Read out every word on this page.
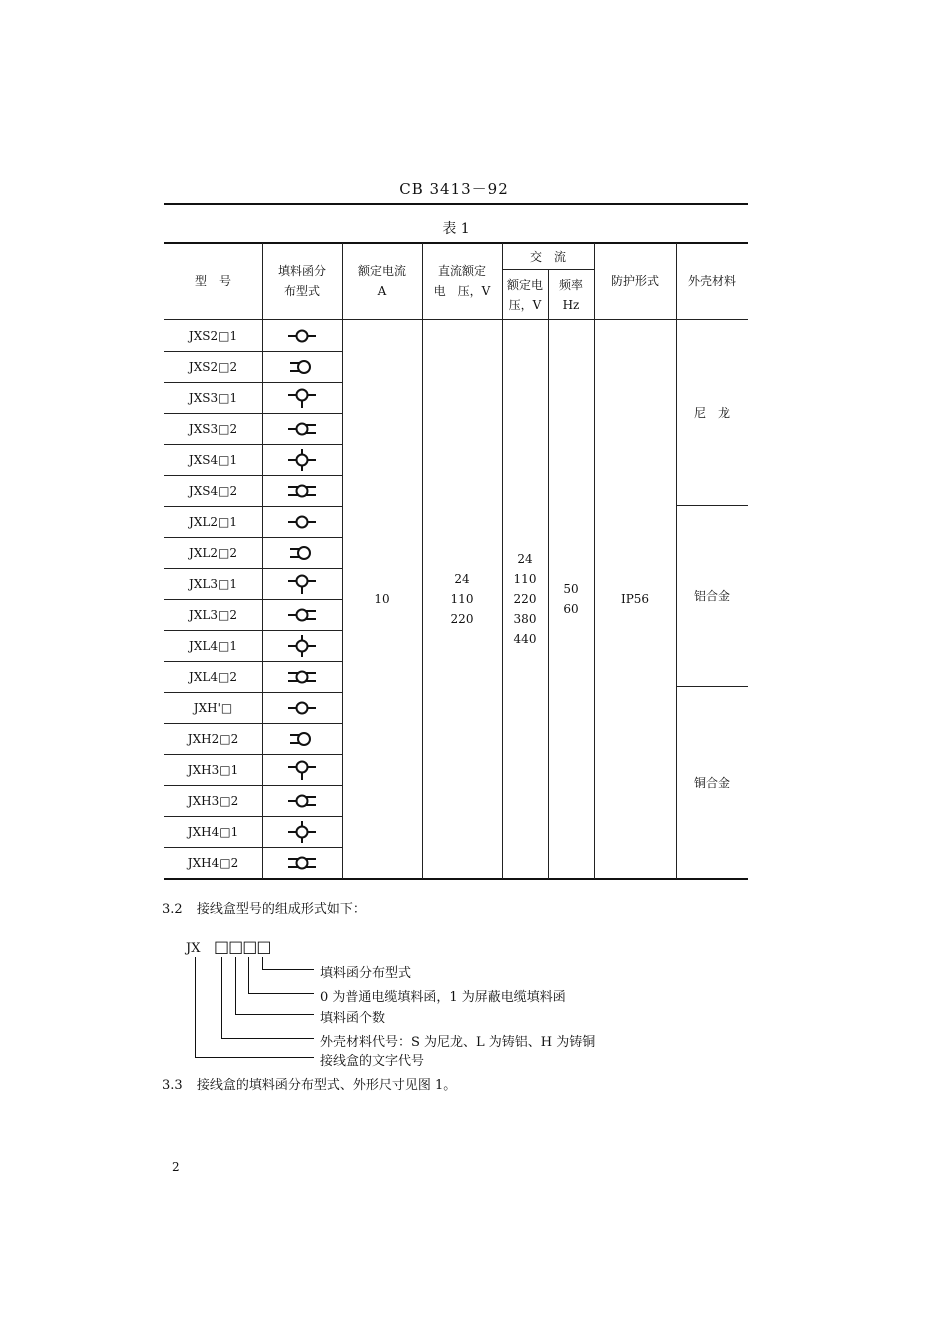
CB 3413－92
表 1
型　号
填料函分
布型式
额定电流
A
直流额定
电　压，V
交　流
额定电
压，V
频率
Hz
防护形式	外壳材料
JXS2□1
JXS2□2
JXS3□1
JXS3□2
JXS4□1
JXS4□2
JXL2□1
JXL2□2
JXL3□1
JXL3□2
JXL4□1
JXL4□2
JXH'□
JXH2□2
JXH3□1
JXH3□2
JXH4□1
JXH4□2
10
24
110
220
24
110
220
380
440
50
60
IP56
尼　龙
铝合金
铜合金
3.2 接线盒型号的组成形式如下：
JX □□□□
填料函分布型式
0 为普通电缆填料函，1 为屏蔽电缆填料函
填料函个数
外壳材料代号：S 为尼龙、L 为铸铝、H 为铸铜
接线盒的文字代号
3.3 接线盒的填料函分布型式、外形尺寸见图 1。
2
